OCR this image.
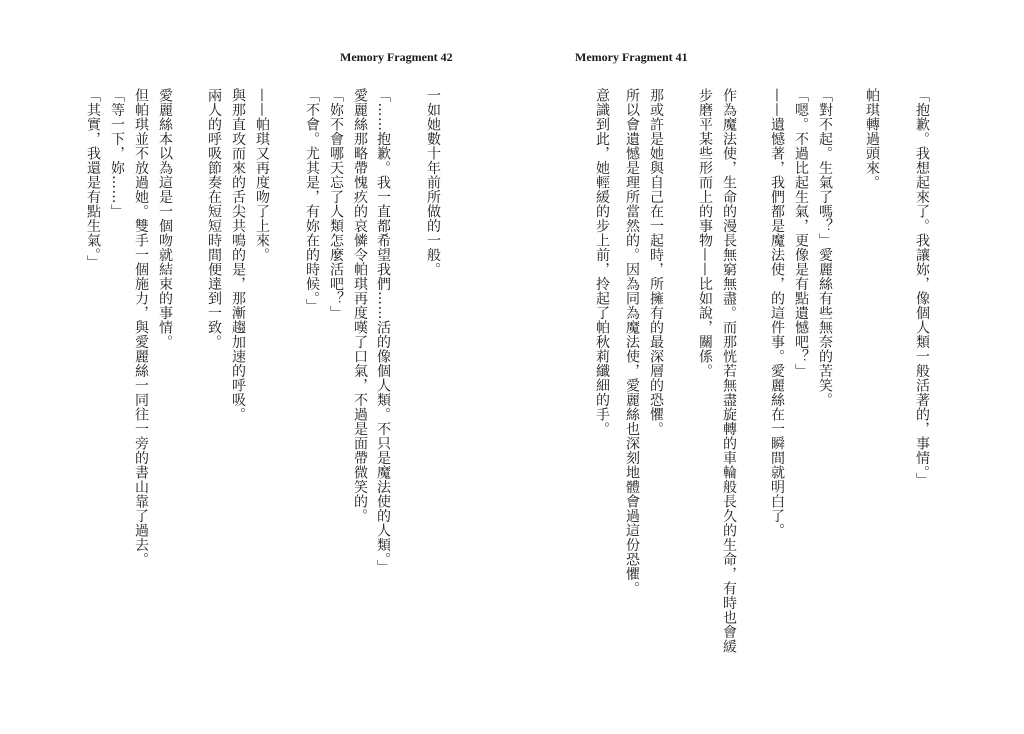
Memory Fragment 42
一如她數十年前所做的一般。
「……抱歉。我一直都希望我們……活的像個人類。不只是魔法使的人類。」
愛麗絲那略帶愧疚的哀憐令帕琪再度嘆了口氣，不過是面帶微笑的。
「妳不會哪天忘了人類怎麼活吧？」
「不會。尤其是，有妳在的時候。」
——帕琪又再度吻了上來。
與那直攻而來的舌尖共鳴的是，那漸趨加速的呼吸。
兩人的呼吸節奏在短短時間便達到一致。
愛麗絲本以為這是一個吻就結束的事情。
但帕琪並不放過她。雙手一個施力，與愛麗絲一同往一旁的書山靠了過去。
「等一下，妳……」
「其實，我還是有點生氣。」
Memory Fragment 41
「抱歉。我想起來了。我讓妳，像個人類一般活著的，事情。」
帕琪轉過頭來。
「對不起。生氣了嗎？」愛麗絲有些無奈的苦笑。
「嗯。不過比起生氣，更像是有點遺憾吧？」
——遺憾著，我們都是魔法使，的這件事。愛麗絲在一瞬間就明白了。
作為魔法使，生命的漫長無窮無盡。而那恍若無盡旋轉的車輪般長久的生命，有時也會緩
步磨平某些形而上的事物——比如說，關係。
那或許是她與自己在一起時，所擁有的最深層的恐懼。
所以會遺憾是理所當然的。因為同為魔法使，愛麗絲也深刻地體會過這份恐懼。
意識到此，她輕緩的步上前，拎起了帕秋莉纖細的手。
